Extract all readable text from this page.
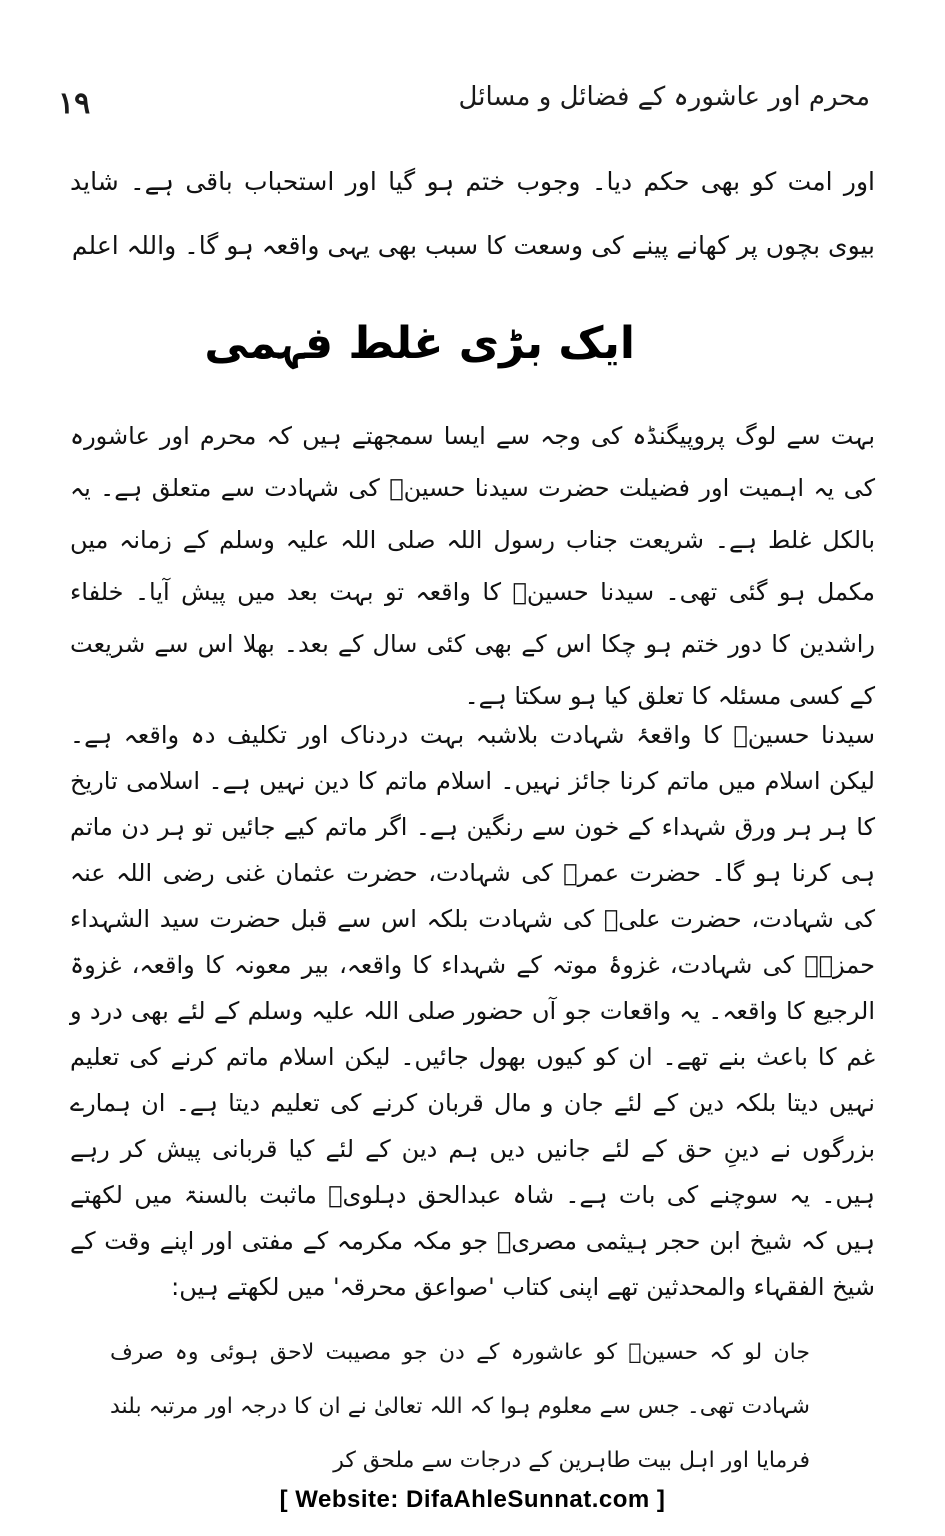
۱۹	محرم اور عاشورہ کے فضائل و مسائل

اور امت کو بھی حکم دیا۔ وجوب ختم ہو گیا اور استحباب باقی ہے۔ شاید بیوی بچوں پر کھانے پینے کی وسعت کا سبب بھی یہی واقعہ ہو گا۔ واللہ اعلم

ایک بڑی غلط فہمی

بہت سے لوگ پروپیگنڈہ کی وجہ سے ایسا سمجھتے ہیں کہ محرم اور عاشورہ کی یہ اہمیت اور فضیلت حضرت سیدنا حسینؓ کی شہادت سے متعلق ہے۔ یہ بالکل غلط ہے۔ شریعت جناب رسول اللہ صلی اللہ علیہ وسلم کے زمانہ میں مکمل ہو گئی تھی۔ سیدنا حسینؓ کا واقعہ تو بہت بعد میں پیش آیا۔ خلفاء راشدین کا دور ختم ہو چکا اس کے بھی کئی سال کے بعد۔ بھلا اس سے شریعت کے کسی مسئلہ کا تعلق کیا ہو سکتا ہے۔

سیدنا حسینؓ کا واقعۂ شہادت بلاشبہ بہت دردناک اور تکلیف دہ واقعہ ہے۔ لیکن اسلام میں ماتم کرنا جائز نہیں۔ اسلام ماتم کا دین نہیں ہے۔ اسلامی تاریخ کا ہر ہر ورق شہداء کے خون سے رنگین ہے۔ اگر ماتم کیے جائیں تو ہر دن ماتم ہی کرنا ہو گا۔ حضرت عمرؓ کی شہادت، حضرت عثمان غنی رضی اللہ عنہ کی شہادت، حضرت علیؓ کی شہادت بلکہ اس سے قبل حضرت سید الشہداء حمزہؓ کی شہادت، غزوۂ موتہ کے شہداء کا واقعہ، بیر معونہ کا واقعہ، غزوۃ الرجیع کا واقعہ۔ یہ واقعات جو آں حضور صلی اللہ علیہ وسلم کے لئے بھی درد و غم کا باعث بنے تھے۔ ان کو کیوں بھول جائیں۔ لیکن اسلام ماتم کرنے کی تعلیم نہیں دیتا بلکہ دین کے لئے جان و مال قربان کرنے کی تعلیم دیتا ہے۔ ان ہمارے بزرگوں نے دینِ حق کے لئے جانیں دیں ہم دین کے لئے کیا قربانی پیش کر رہے ہیں۔ یہ سوچنے کی بات ہے۔ شاہ عبدالحق دہلویؒ ماثبت بالسنۃ میں لکھتے ہیں کہ شیخ ابن حجر ہیثمی مصریؒ جو مکہ مکرمہ کے مفتی اور اپنے وقت کے شیخ الفقہاء والمحدثین تھے اپنی کتاب 'صواعق محرقہ' میں لکھتے ہیں:

جان لو کہ حسینؓ کو عاشورہ کے دن جو مصیبت لاحق ہوئی وہ صرف شہادت تھی۔ جس سے معلوم ہوا کہ اللہ تعالیٰ نے ان کا درجہ اور مرتبہ بلند فرمایا اور اہل بیت طاہرین کے درجات سے ملحق کر

[ Website: DifaAhleSunnat.com ]
